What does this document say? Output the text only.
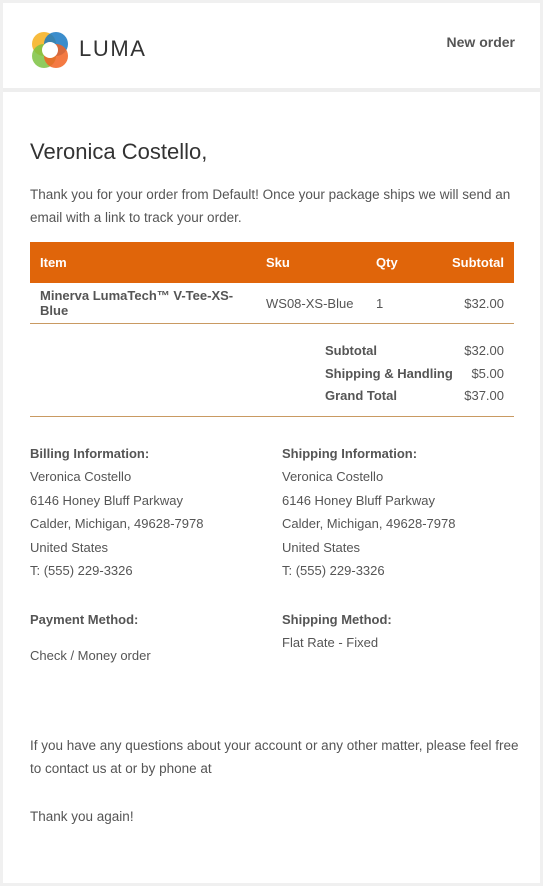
LUMA	New order
Veronica Costello,
Thank you for your order from Default! Once your package ships we will send an email with a link to track your order.
Item	Sku	Qty	Subtotal
Minerva LumaTech™ V-Tee-XS-Blue	WS08-XS-Blue	1	$32.00
Subtotal	$32.00
Shipping & Handling $5.00
Grand Total	$37.00
Billing Information:
Veronica Costello
6146 Honey Bluff Parkway
Calder, Michigan, 49628-7978
United States
T: (555) 229-3326
Shipping Information:
Veronica Costello
6146 Honey Bluff Parkway
Calder, Michigan, 49628-7978
United States
T: (555) 229-3326
Payment Method:
Check / Money order
Shipping Method:
Flat Rate - Fixed
If you have any questions about your account or any other matter, please feel free to contact us at or by phone at
Thank you again!
